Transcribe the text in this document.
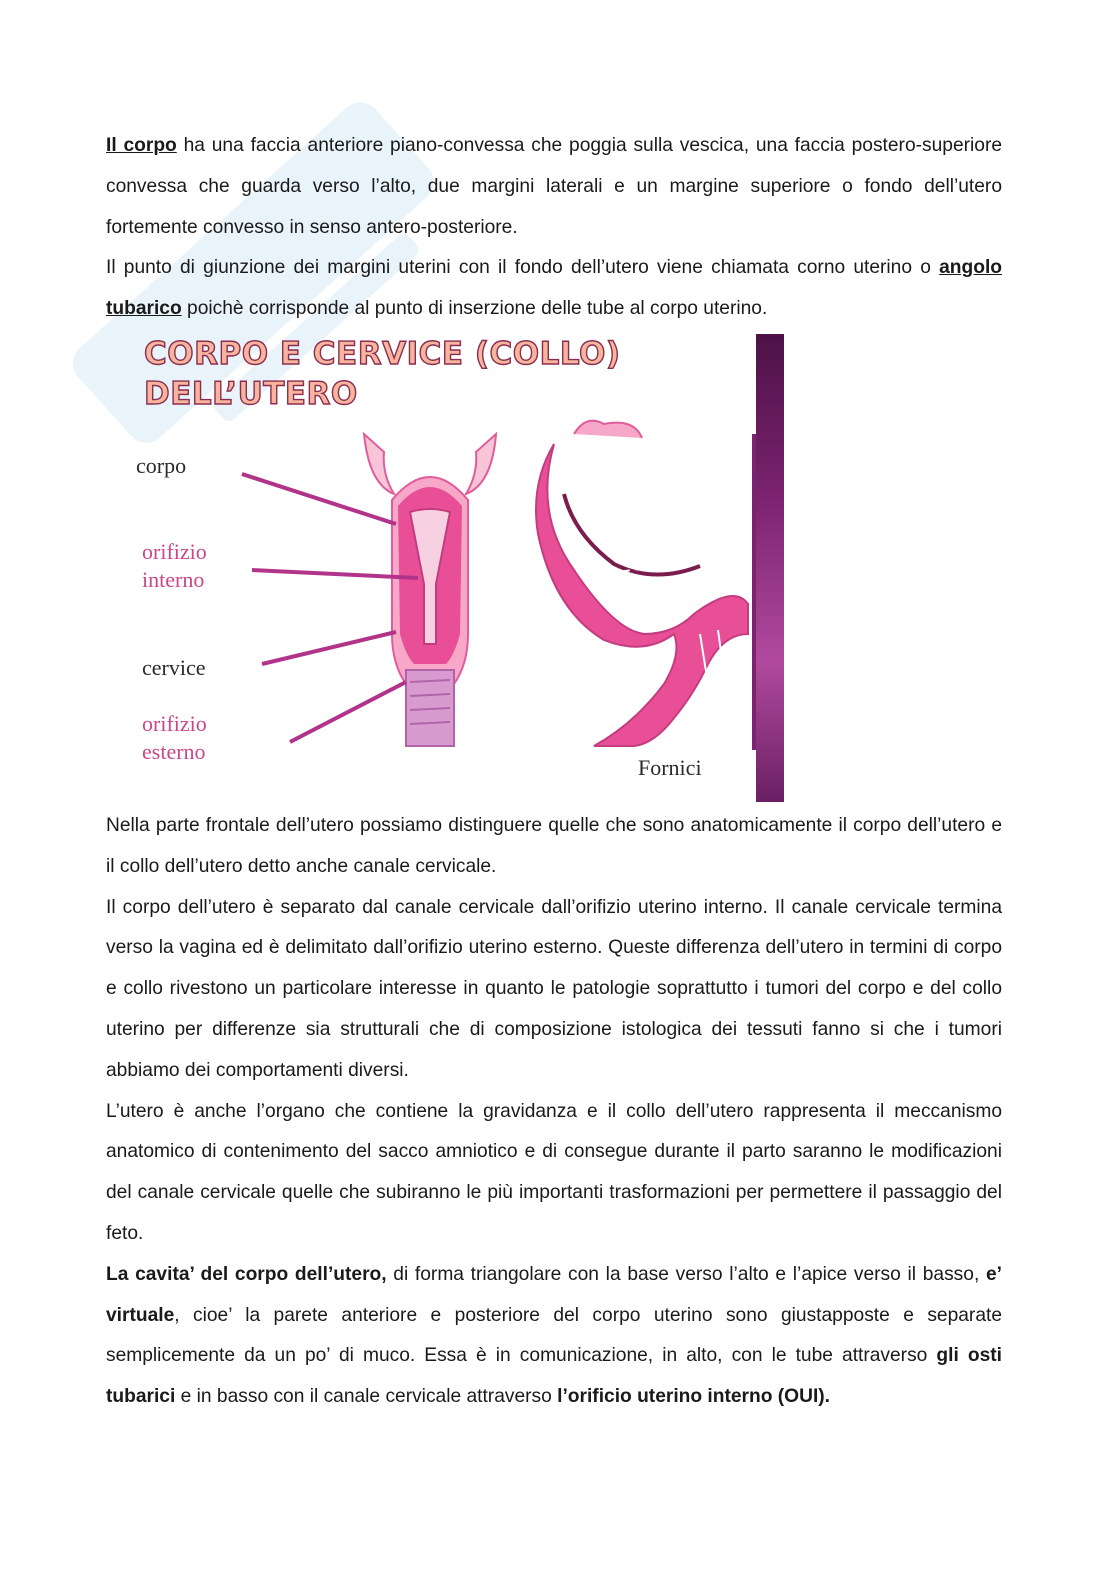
Il corpo ha una faccia anteriore piano-convessa che poggia sulla vescica, una faccia postero-superiore convessa che guarda verso l’alto, due margini laterali e un margine superiore o fondo dell’utero fortemente convesso in senso antero-posteriore.

Il punto di giunzione dei margini uterini con il fondo dell’utero viene chiamata corno uterino o angolo tubarico poichè corrisponde al punto di inserzione delle tube al corpo uterino.

CORPO E CERVICE (COLLO)
DELL’UTERO
corpo
orifizio
interno
cervice
orifizio
esterno
Fornici

Nella parte frontale dell’utero possiamo distinguere quelle che sono anatomicamente il corpo dell’utero e il collo dell’utero detto anche canale cervicale.

Il corpo dell’utero è separato dal canale cervicale dall’orifizio uterino interno. Il canale cervicale termina verso la vagina ed è delimitato dall’orifizio uterino esterno. Queste differenza dell’utero in termini di corpo e collo rivestono un particolare interesse in quanto le patologie soprattutto i tumori del corpo e del collo uterino per differenze sia strutturali che di composizione istologica dei tessuti fanno si che i tumori abbiamo dei comportamenti diversi.

L’utero è anche l’organo che contiene la gravidanza e il collo dell’utero rappresenta il meccanismo anatomico di contenimento del sacco amniotico e di consegue durante il parto saranno le modificazioni del canale cervicale quelle che subiranno le più importanti trasformazioni per permettere il passaggio del feto.

La cavita’ del corpo dell’utero, di forma triangolare con la base verso l’alto e l’apice verso il basso, e’ virtuale, cioe’ la parete anteriore e posteriore del corpo uterino sono giustapposte e separate semplicemente da un po’ di muco. Essa è in comunicazione, in alto, con le tube attraverso gli osti tubarici e in basso con il canale cervicale attraverso l’orificio uterino interno (OUI).
